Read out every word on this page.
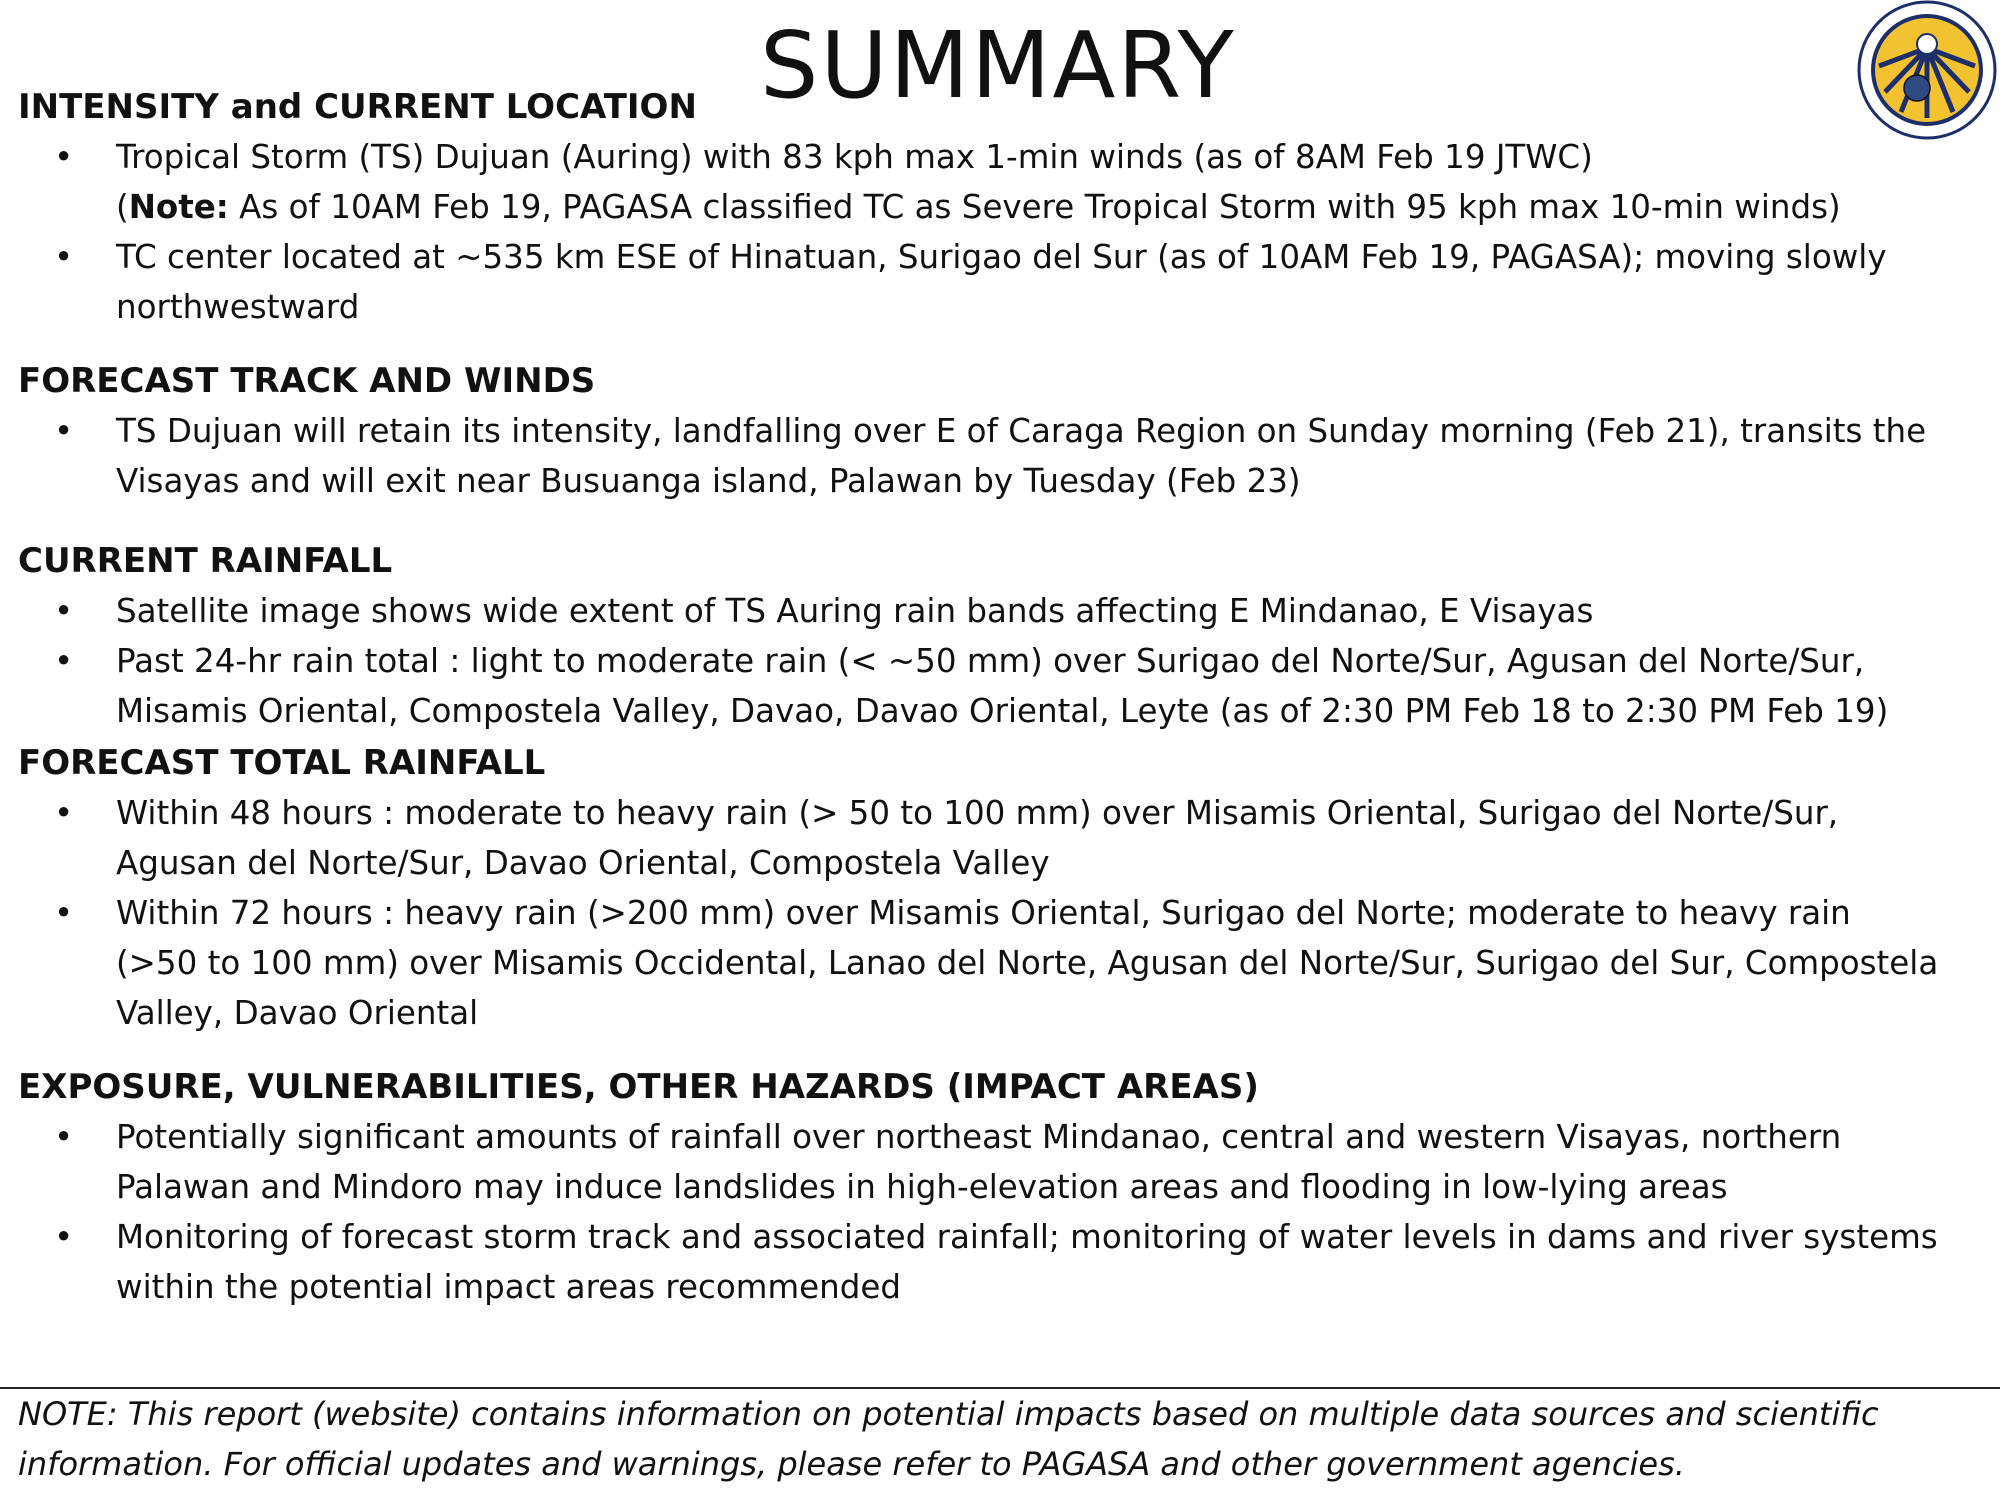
SUMMARY
INTENSITY and CURRENT LOCATION
• Tropical Storm (TS) Dujuan (Auring) with 83 kph max 1-min winds (as of 8AM Feb 19 JTWC)
(Note: As of 10AM Feb 19, PAGASA classified TC as Severe Tropical Storm with 95 kph max 10-min winds)
• TC center located at ~535 km ESE of Hinatuan, Surigao del Sur (as of 10AM Feb 19, PAGASA); moving slowly
northwestward
FORECAST TRACK AND WINDS
• TS Dujuan will retain its intensity, landfalling over E of Caraga Region on Sunday morning (Feb 21), transits the
Visayas and will exit near Busuanga island, Palawan by Tuesday (Feb 23)
CURRENT RAINFALL
• Satellite image shows wide extent of TS Auring rain bands affecting E Mindanao, E Visayas
• Past 24-hr rain total : light to moderate rain (< ~50 mm) over Surigao del Norte/Sur, Agusan del Norte/Sur,
Misamis Oriental, Compostela Valley, Davao, Davao Oriental, Leyte (as of 2:30 PM Feb 18 to 2:30 PM Feb 19)
FORECAST TOTAL RAINFALL
• Within 48 hours : moderate to heavy rain (> 50 to 100 mm) over Misamis Oriental, Surigao del Norte/Sur,
Agusan del Norte/Sur, Davao Oriental, Compostela Valley
• Within 72 hours : heavy rain (>200 mm) over Misamis Oriental, Surigao del Norte; moderate to heavy rain
(>50 to 100 mm) over Misamis Occidental, Lanao del Norte, Agusan del Norte/Sur, Surigao del Sur, Compostela
Valley, Davao Oriental
EXPOSURE, VULNERABILITIES, OTHER HAZARDS (IMPACT AREAS)
• Potentially significant amounts of rainfall over northeast Mindanao, central and western Visayas, northern
Palawan and Mindoro may induce landslides in high-elevation areas and flooding in low-lying areas
• Monitoring of forecast storm track and associated rainfall; monitoring of water levels in dams and river systems
within the potential impact areas recommended
NOTE: This report (website) contains information on potential impacts based on multiple data sources and scientific
information. For official updates and warnings, please refer to PAGASA and other government agencies.
